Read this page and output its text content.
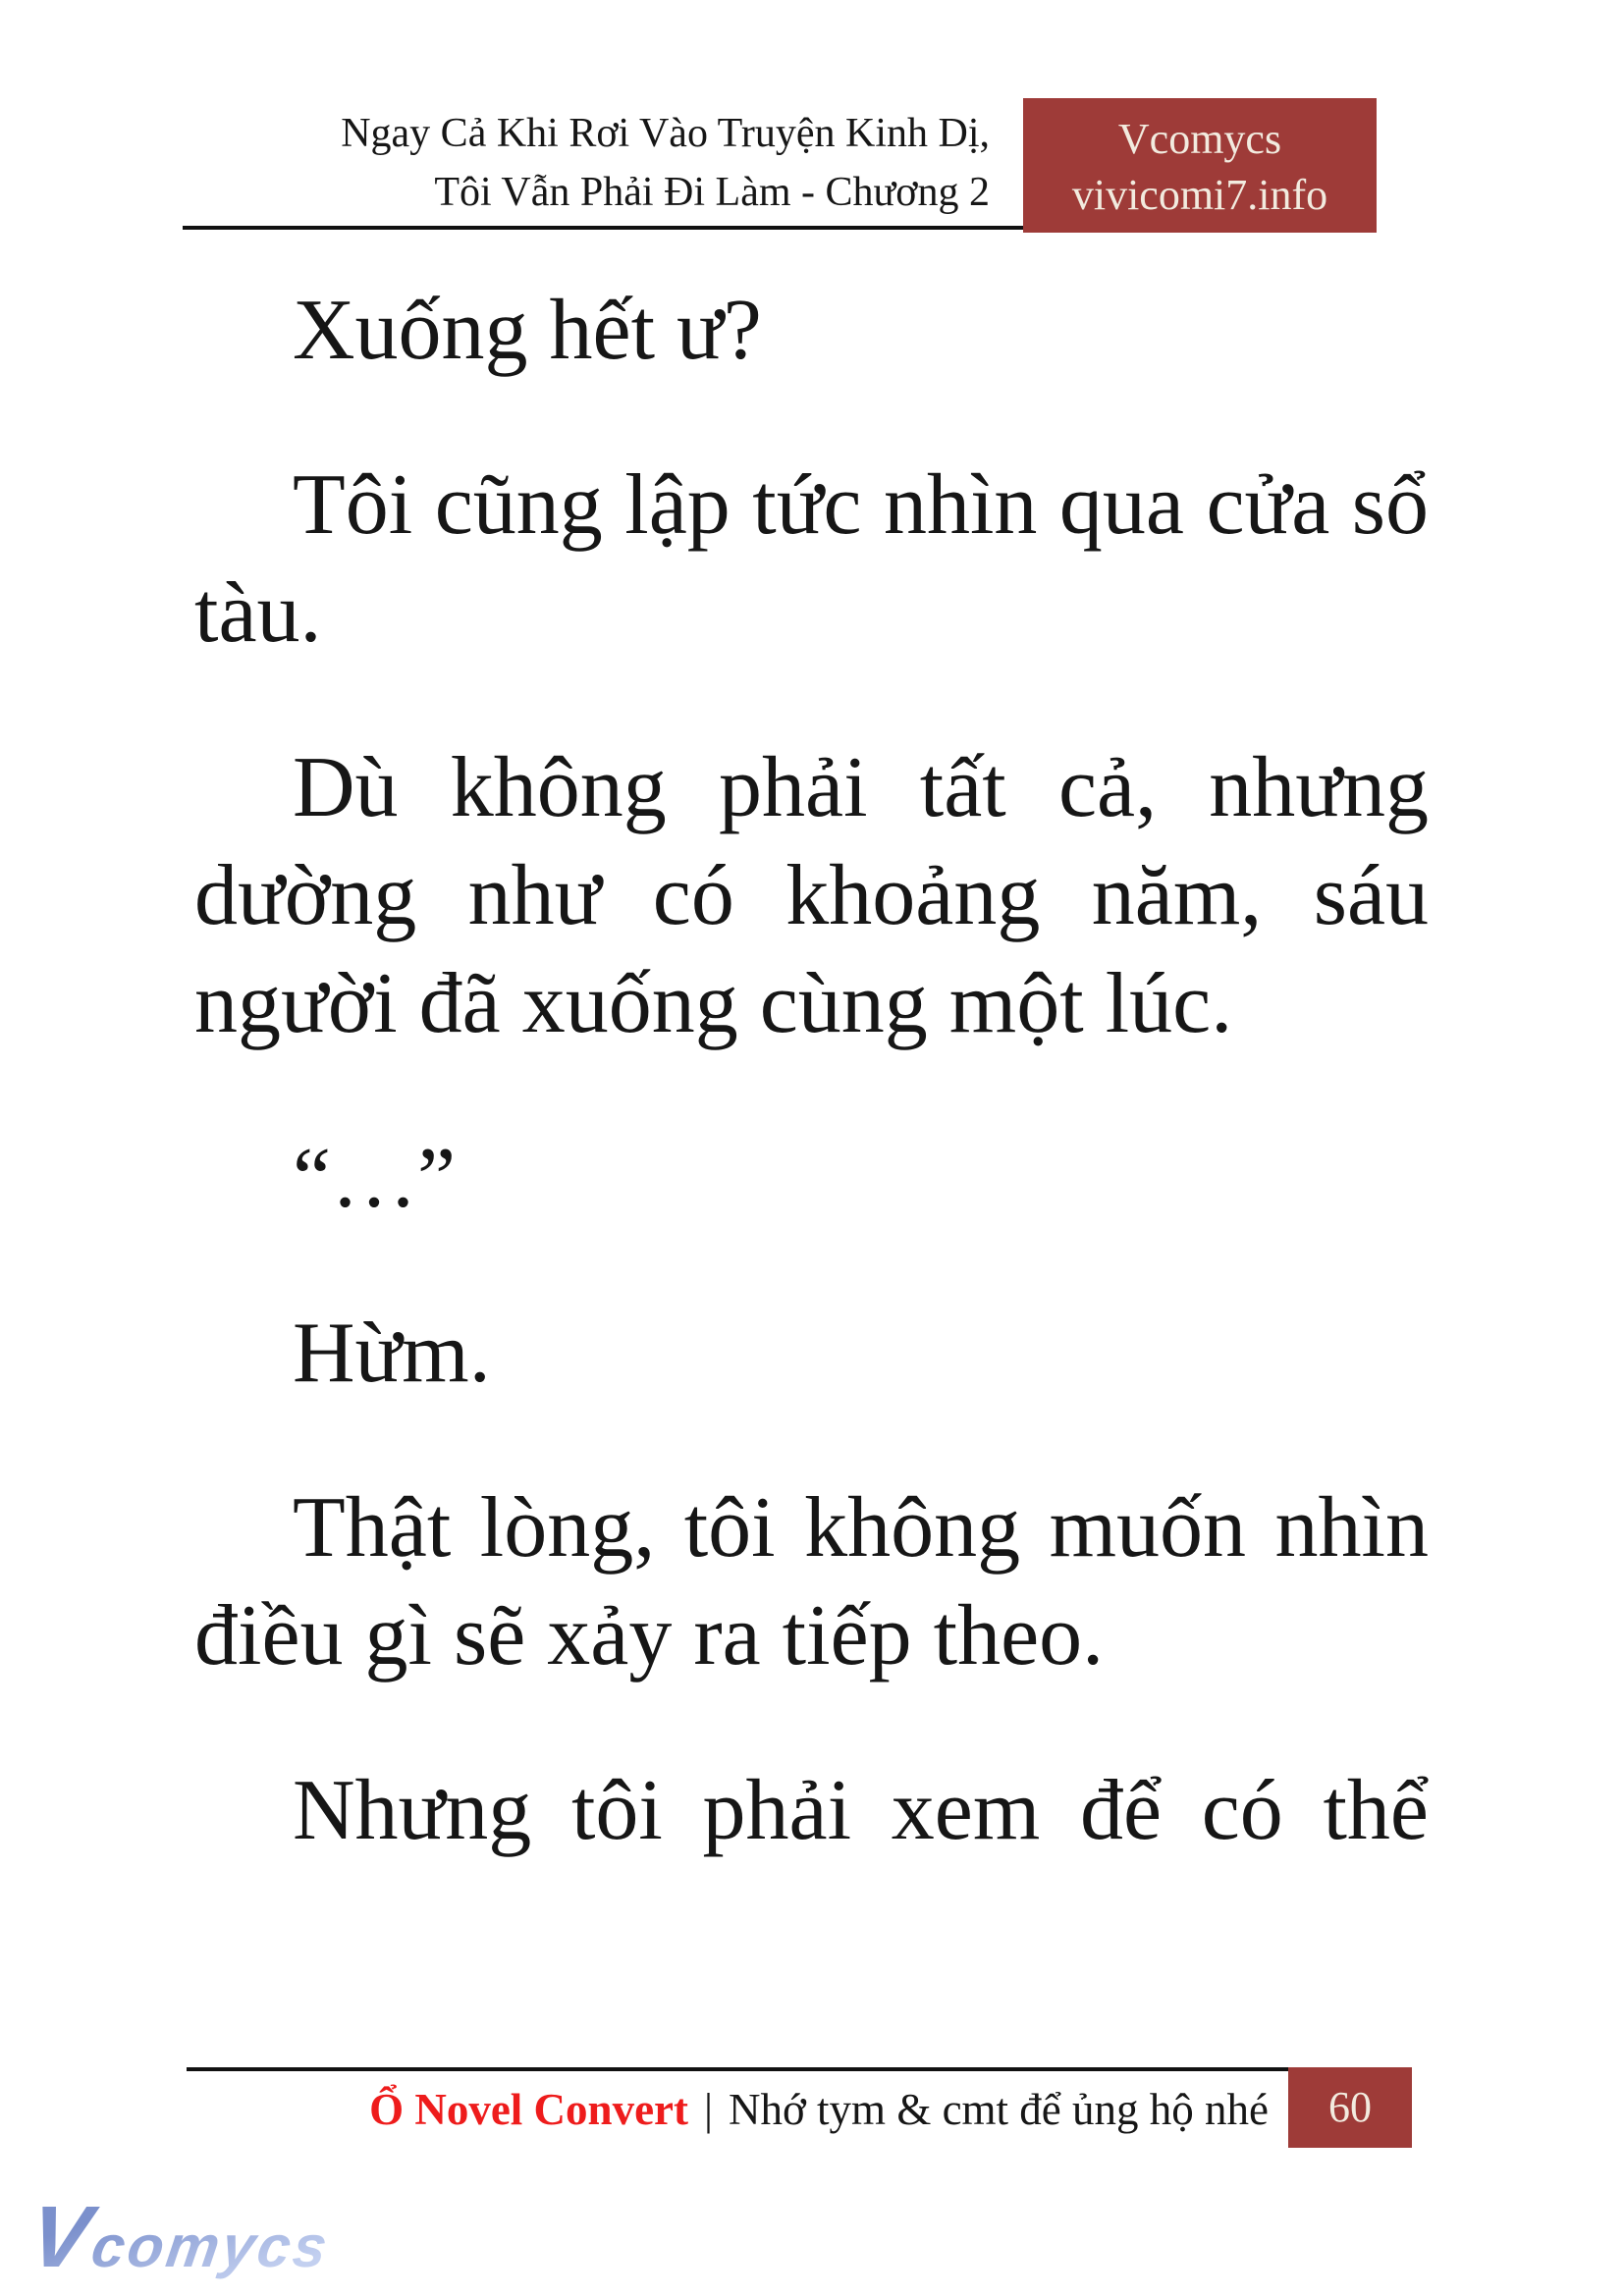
Ngay Cả Khi Rơi Vào Truyện Kinh Dị,
Tôi Vẫn Phải Đi Làm - Chương 2
Vcomycs
vivicomi7.info
Xuống hết ư?
Tôi cũng lập tức nhìn qua cửa sổ
tàu.
Dù không phải tất cả, nhưng
dường như có khoảng năm, sáu
người đã xuống cùng một lúc.
“…”
Hừm.
Thật lòng, tôi không muốn nhìn
điều gì sẽ xảy ra tiếp theo.
Nhưng tôi phải xem để có thể
Ổ Novel Convert | Nhớ tym & cmt để ủng hộ nhé	60
Vcomycs
